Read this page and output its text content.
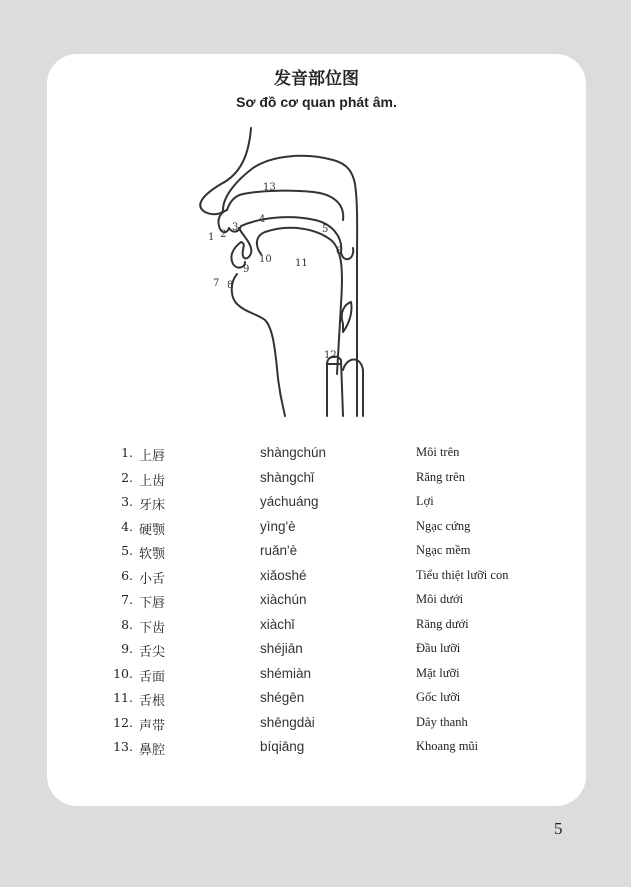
发音部位图
Sơ đồ cơ quan phát âm.
1 2
3
4
5
6
7 8
9
10 11
12
13
1. 上唇	shàngchún	Môi trên
2. 上齿	shàngchǐ	Răng trên
3. 牙床	yáchuáng	Lợi
4. 硬颚	yìng'è	Ngạc cứng
5. 软颚	ruǎn'è	Ngạc mềm
6. 小舌	xiǎoshé	Tiểu thiệt lưỡi con
7. 下唇	xiàchún	Môi dưới
8. 下齿	xiàchǐ	Răng dưới
9. 舌尖	shéjiān	Đầu lưỡi
10. 舌面	shémiàn	Mặt lưỡi
11. 舌根	shégēn	Gốc lưỡi
12. 声带	shēngdài	Dây thanh
13. 鼻腔	bíqiāng	Khoang mũi
5
